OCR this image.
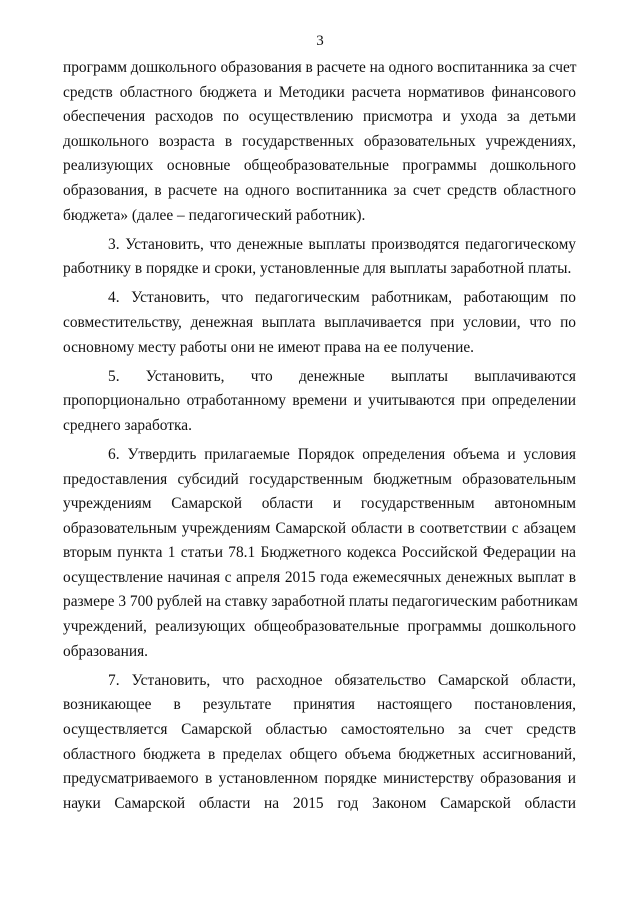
3
программ дошкольного образования в расчете на одного воспитанника за счет
средств областного бюджета и Методики расчета нормативов финансового
обеспечения расходов по осуществлению присмотра и ухода за детьми
дошкольного возраста в государственных образовательных учреждениях,
реализующих основные общеобразовательные программы дошкольного
образования, в расчете на одного воспитанника за счет средств областного
бюджета» (далее – педагогический работник).
3. Установить, что денежные выплаты производятся педагогическому
работнику в порядке и сроки, установленные для выплаты заработной платы.
4. Установить, что педагогическим работникам, работающим по
совместительству, денежная выплата выплачивается при условии, что по
основному месту работы они не имеют права на ее получение.
5. Установить, что денежные выплаты выплачиваются
пропорционально отработанному времени и учитываются при определении
среднего заработка.
6. Утвердить прилагаемые Порядок определения объема и условия
предоставления субсидий государственным бюджетным образовательным
учреждениям Самарской области и государственным автономным
образовательным учреждениям Самарской области в соответствии с абзацем
вторым пункта 1 статьи 78.1 Бюджетного кодекса Российской Федерации на
осуществление начиная с апреля 2015 года ежемесячных денежных выплат в
размере 3 700 рублей на ставку заработной платы педагогическим работникам
учреждений, реализующих общеобразовательные программы дошкольного
образования.
7. Установить, что расходное обязательство Самарской области,
возникающее в результате принятия настоящего постановления,
осуществляется Самарской областью самостоятельно за счет средств
областного бюджета в пределах общего объема бюджетных ассигнований,
предусматриваемого в установленном порядке министерству образования и
науки Самарской области на 2015 год Законом Самарской области
